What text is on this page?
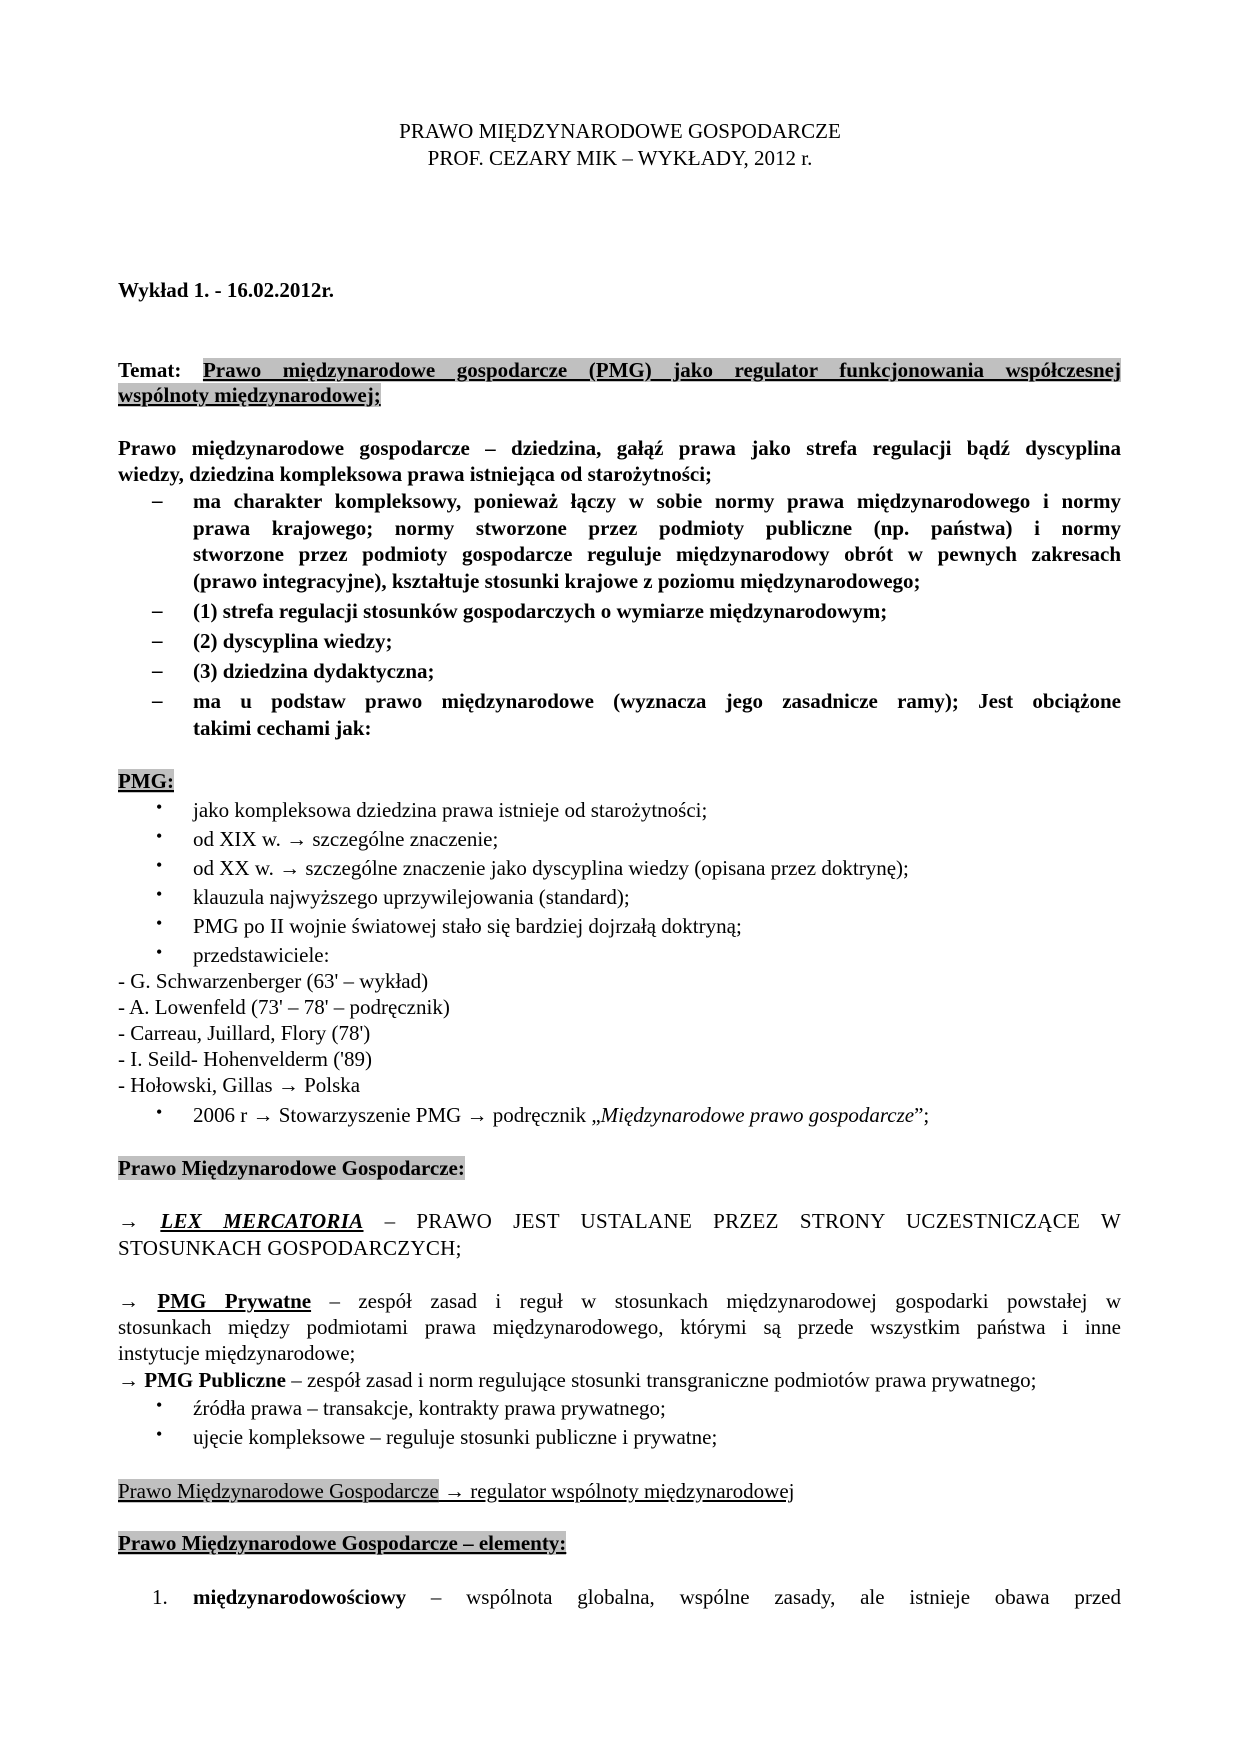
PRAWO MIĘDZYNARODOWE GOSPODARCZE
PROF. CEZARY MIK – WYKŁADY, 2012 r.
Wykład 1. - 16.02.2012r.
Temat: Prawo międzynarodowe gospodarcze (PMG) jako regulator funkcjonowania współczesnej
wspólnoty międzynarodowej;
Prawo międzynarodowe gospodarcze – dziedzina, gałąź prawa jako strefa regulacji bądź dyscyplina
wiedzy, dziedzina kompleksowa prawa istniejąca od starożytności;
– ma charakter kompleksowy, ponieważ łączy w sobie normy prawa międzynarodowego i normy
prawa krajowego; normy stworzone przez podmioty publiczne (np. państwa) i normy
stworzone przez podmioty gospodarcze reguluje międzynarodowy obrót w pewnych zakresach
(prawo integracyjne), kształtuje stosunki krajowe z poziomu międzynarodowego;
– (1) strefa regulacji stosunków gospodarczych o wymiarze międzynarodowym;
– (2) dyscyplina wiedzy;
– (3) dziedzina dydaktyczna;
– ma u podstaw prawo międzynarodowe (wyznacza jego zasadnicze ramy); Jest obciążone
takimi cechami jak:
PMG:
• jako kompleksowa dziedzina prawa istnieje od starożytności;
• od XIX w. → szczególne znaczenie;
• od XX w. → szczególne znaczenie jako dyscyplina wiedzy (opisana przez doktrynę);
• klauzula najwyższego uprzywilejowania (standard);
• PMG po II wojnie światowej stało się bardziej dojrzałą doktryną;
• przedstawiciele:
- G. Schwarzenberger (63' – wykład)
- A. Lowenfeld (73' – 78' – podręcznik)
- Carreau, Juillard, Flory (78')
- I. Seild- Hohenvelderm ('89)
- Hołowski, Gillas → Polska
• 2006 r → Stowarzyszenie PMG → podręcznik „Międzynarodowe prawo gospodarcze”;
Prawo Międzynarodowe Gospodarcze:
→ LEX MERCATORIA – PRAWO JEST USTALANE PRZEZ STRONY UCZESTNICZĄCE W
STOSUNKACH GOSPODARCZYCH;
→ PMG Prywatne – zespół zasad i reguł w stosunkach międzynarodowej gospodarki powstałej w
stosunkach między podmiotami prawa międzynarodowego, którymi są przede wszystkim państwa i inne
instytucje międzynarodowe;
→ PMG Publiczne – zespół zasad i norm regulujące stosunki transgraniczne podmiotów prawa prywatnego;
• źródła prawa – transakcje, kontrakty prawa prywatnego;
• ujęcie kompleksowe – reguluje stosunki publiczne i prywatne;
Prawo Międzynarodowe Gospodarcze → regulator wspólnoty międzynarodowej
Prawo Międzynarodowe Gospodarcze – elementy:
1. międzynarodowościowy – wspólnota globalna, wspólne zasady, ale istnieje obawa przed
